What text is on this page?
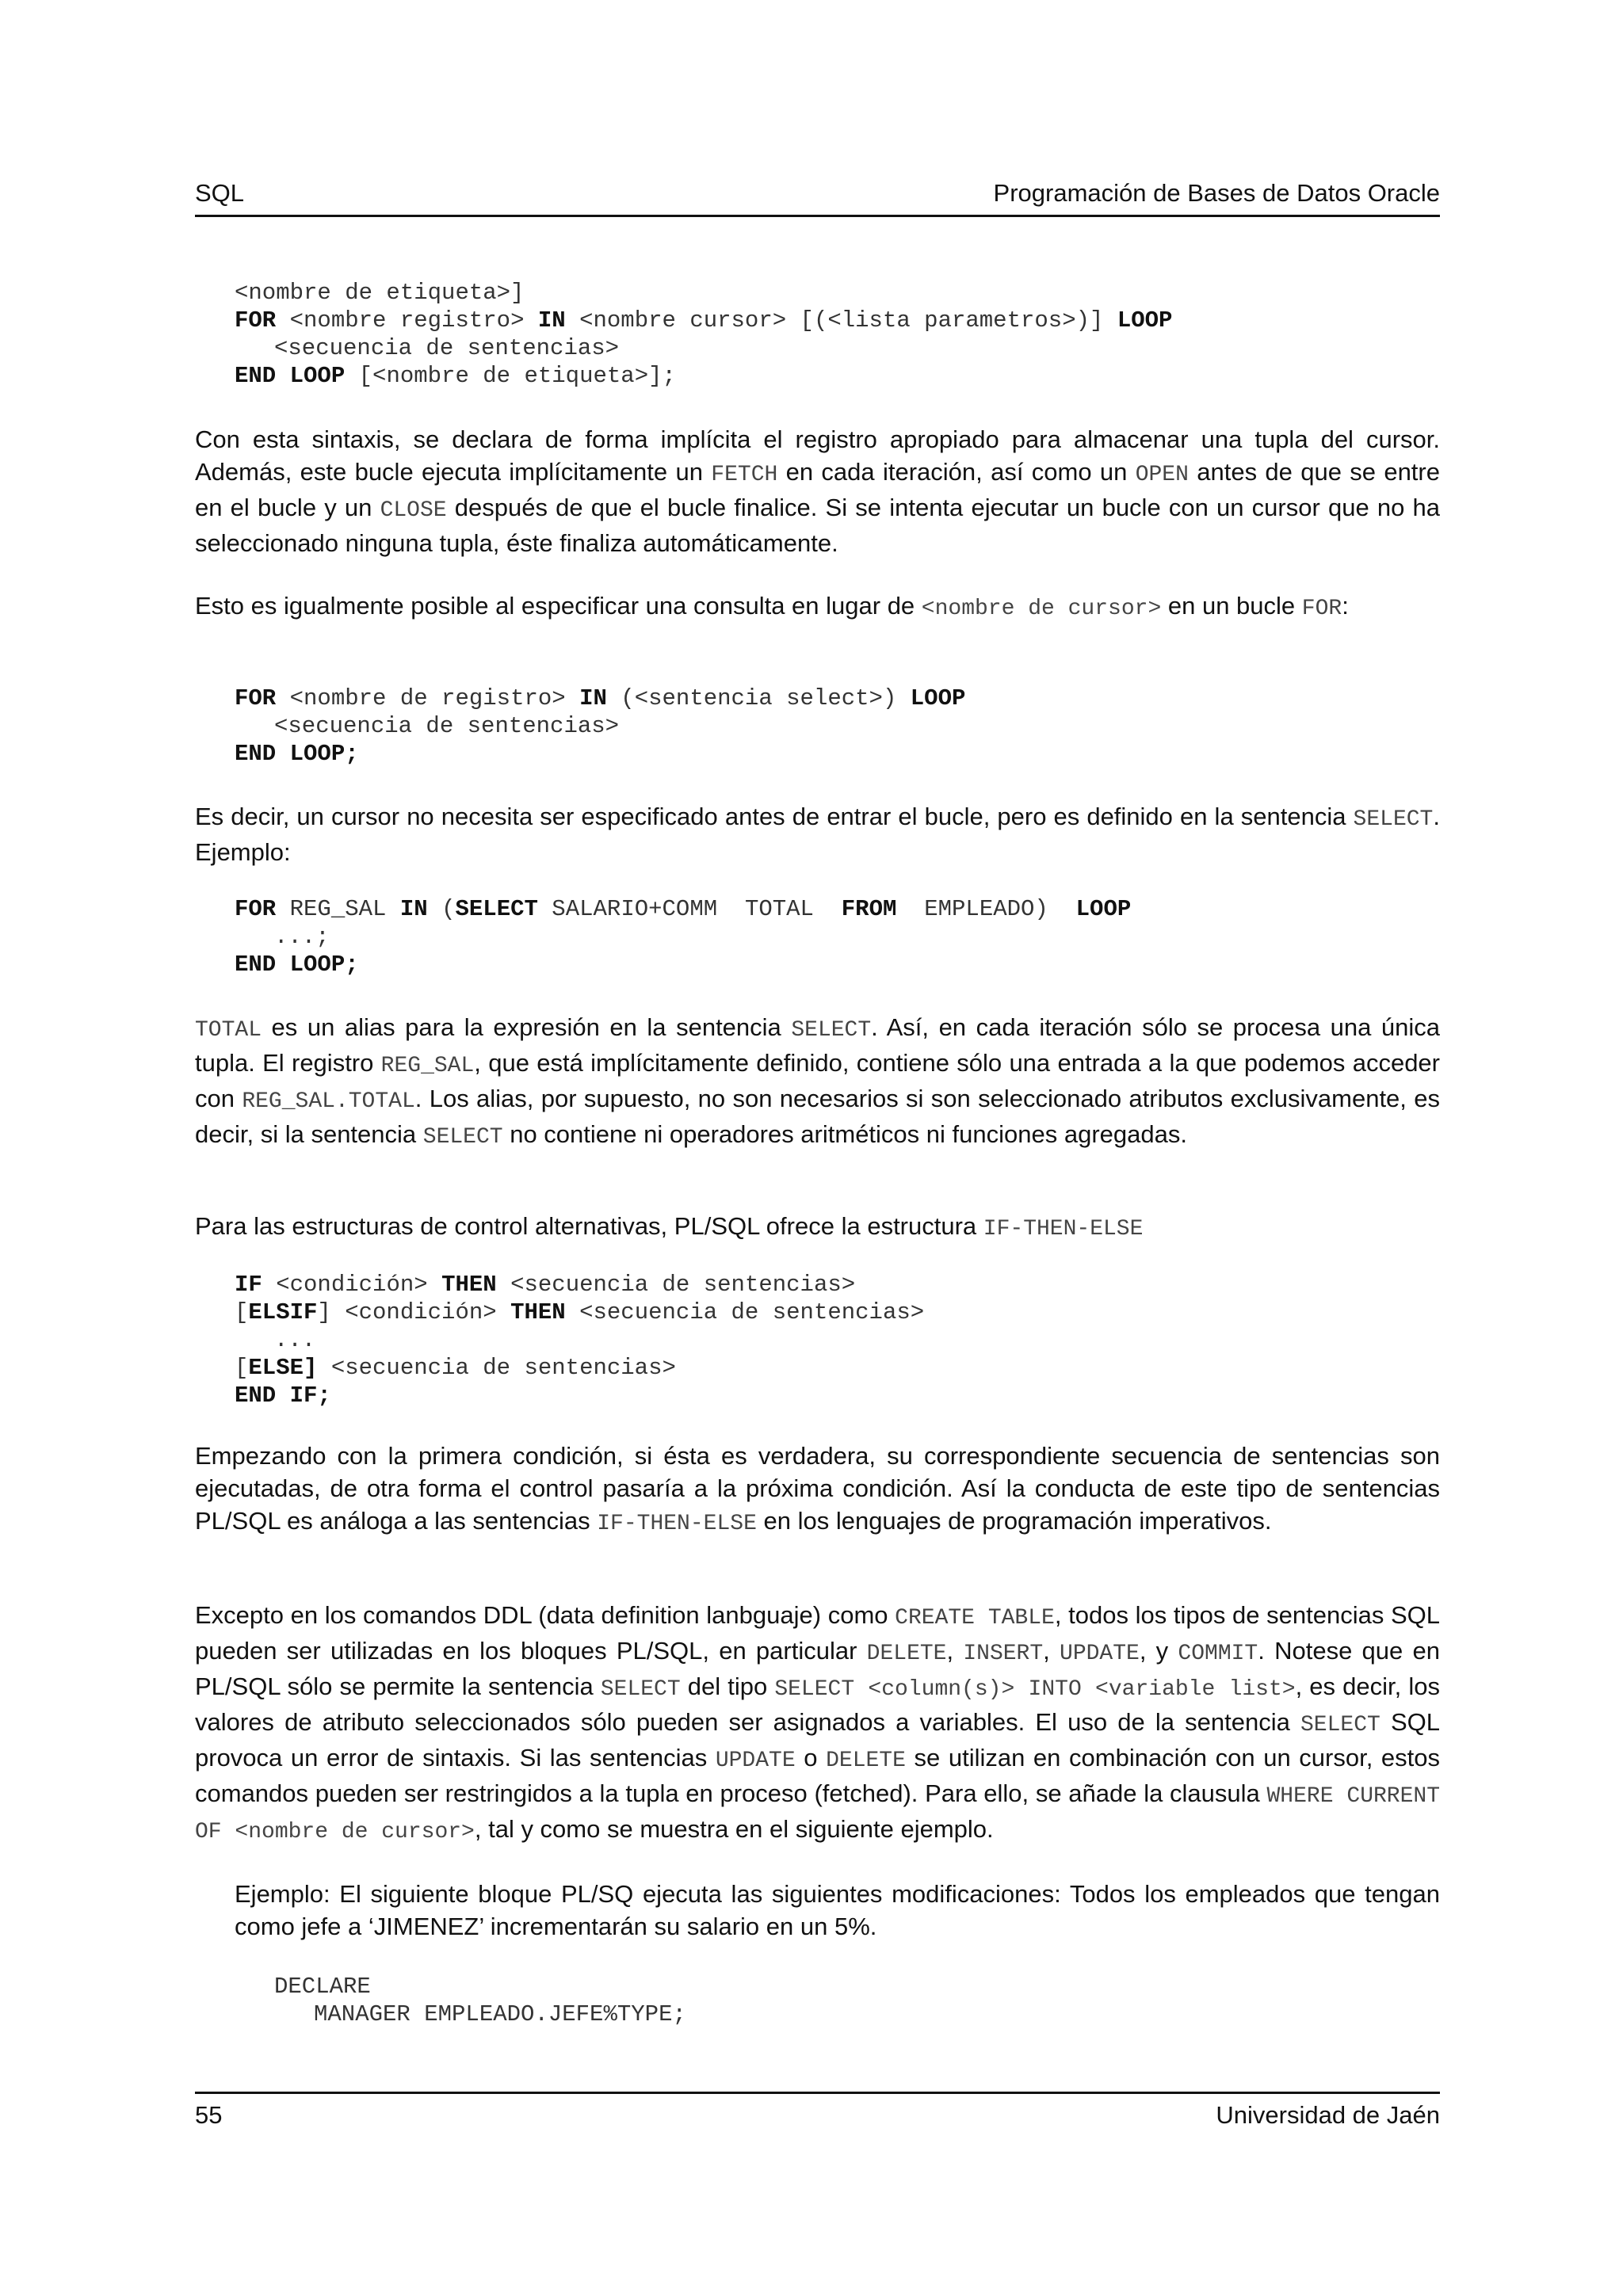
SQL	Programación de Bases de Datos Oracle
<nombre de etiqueta>]
FOR <nombre registro> IN <nombre cursor> [(<lista parametros>)] LOOP
<secuencia de sentencias>
END LOOP [<nombre de etiqueta>];
Con esta sintaxis, se declara de forma implícita el registro apropiado para almacenar una tupla del cursor. Además, este bucle ejecuta implícitamente un FETCH en cada iteración, así como un OPEN antes de que se entre en el bucle y un CLOSE después de que el bucle finalice. Si se intenta ejecutar un bucle con un cursor que no ha seleccionado ninguna tupla, éste finaliza automáticamente.
Esto es igualmente posible al especificar una consulta en lugar de <nombre de cursor> en un bucle FOR:
FOR <nombre de registro> IN (<sentencia select>) LOOP
<secuencia de sentencias>
END LOOP;
Es decir, un cursor no necesita ser especificado antes de entrar el bucle, pero es definido en la sentencia SELECT. Ejemplo:
FOR REG_SAL IN (SELECT SALARIO+COMM  TOTAL  FROM  EMPLEADO)  LOOP
...;
END LOOP;
TOTAL es un alias para la expresión en la sentencia SELECT. Así, en cada iteración sólo se procesa una única tupla. El registro REG_SAL, que está implícitamente definido, contiene sólo una entrada a la que podemos acceder con REG_SAL.TOTAL. Los alias, por supuesto, no son necesarios si son seleccionado atributos exclusivamente, es decir, si la sentencia SELECT no contiene ni operadores aritméticos ni funciones agregadas.
Para las estructuras de control alternativas, PL/SQL ofrece la estructura IF-THEN-ELSE
IF <condición> THEN <secuencia de sentencias>
[ELSIF] <condición> THEN <secuencia de sentencias>
...
[ELSE] <secuencia de sentencias>
END IF;
Empezando con la primera condición, si ésta es verdadera, su correspondiente secuencia de sentencias son ejecutadas, de otra forma el control pasaría a la próxima condición. Así la conducta de este tipo de sentencias PL/SQL es análoga a las sentencias IF-THEN-ELSE en los lenguajes de programación imperativos.
Excepto en los comandos DDL (data definition lanbguaje) como CREATE TABLE, todos los tipos de sentencias SQL pueden ser utilizadas en los bloques PL/SQL, en particular DELETE, INSERT, UPDATE, y COMMIT. Notese que en PL/SQL sólo se permite la sentencia SELECT del tipo SELECT <column(s)> INTO <variable list>, es decir, los valores de atributo seleccionados sólo pueden ser asignados a variables. El uso de la sentencia SELECT SQL provoca un error de sintaxis. Si las sentencias UPDATE o DELETE se utilizan en combinación con un cursor, estos comandos pueden ser restringidos a la tupla en proceso (fetched). Para ello, se añade la clausula WHERE CURRENT OF <nombre de cursor>, tal y como se muestra en el siguiente ejemplo.
Ejemplo: El siguiente bloque PL/SQ ejecuta las siguientes modificaciones: Todos los empleados que tengan como jefe a ‘JIMENEZ’ incrementarán su salario en un 5%.
DECLARE
MANAGER EMPLEADO.JEFE%TYPE;
55	Universidad de Jaén
